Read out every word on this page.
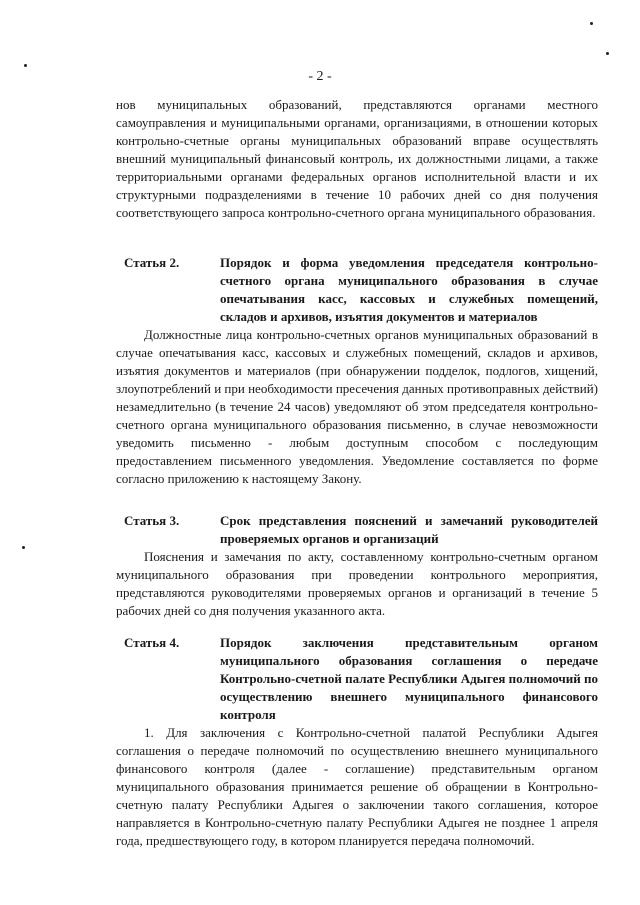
- 2 -

нов муниципальных образований, представляются органами местного самоуправления и муниципальными органами, организациями, в отношении которых контрольно-счетные органы муниципальных образований вправе осуществлять внешний муниципальный финансовый контроль, их должностными лицами, а также территориальными органами федеральных органов исполнительной власти и их структурными подразделениями в течение 10 рабочих дней со дня получения соответствующего запроса контрольно-счетного органа муниципального образования.

Статья 2.	Порядок и форма уведомления председателя контрольно-счетного органа муниципального образования в случае опечатывания касс, кассовых и служебных помещений, складов и архивов, изъятия документов и материалов

Должностные лица контрольно-счетных органов муниципальных образований в случае опечатывания касс, кассовых и служебных помещений, складов и архивов, изъятия документов и материалов (при обнаружении подделок, подлогов, хищений, злоупотреблений и при необходимости пресечения данных противоправных действий) незамедлительно (в течение 24 часов) уведомляют об этом председателя контрольно-счетного органа муниципального образования письменно, в случае невозможности уведомить письменно - любым доступным способом с последующим предоставлением письменного уведомления. Уведомление составляется по форме согласно приложению к настоящему Закону.

Статья 3.	Срок представления пояснений и замечаний руководителей проверяемых органов и организаций

Пояснения и замечания по акту, составленному контрольно-счетным органом муниципального образования при проведении контрольного мероприятия, представляются руководителями проверяемых органов и организаций в течение 5 рабочих дней со дня получения указанного акта.

Статья 4.	Порядок заключения представительным органом муниципального образования соглашения о передаче Контрольно-счетной палате Республики Адыгея полномочий по осуществлению внешнего муниципального финансового контроля

1. Для заключения с Контрольно-счетной палатой Республики Адыгея соглашения о передаче полномочий по осуществлению внешнего муниципального финансового контроля (далее - соглашение) представительным органом муниципального образования принимается решение об обращении в Контрольно-счетную палату Республики Адыгея о заключении такого соглашения, которое направляется в Контрольно-счетную палату Республики Адыгея не позднее 1 апреля года, предшествующего году, в котором планируется передача полномочий.
